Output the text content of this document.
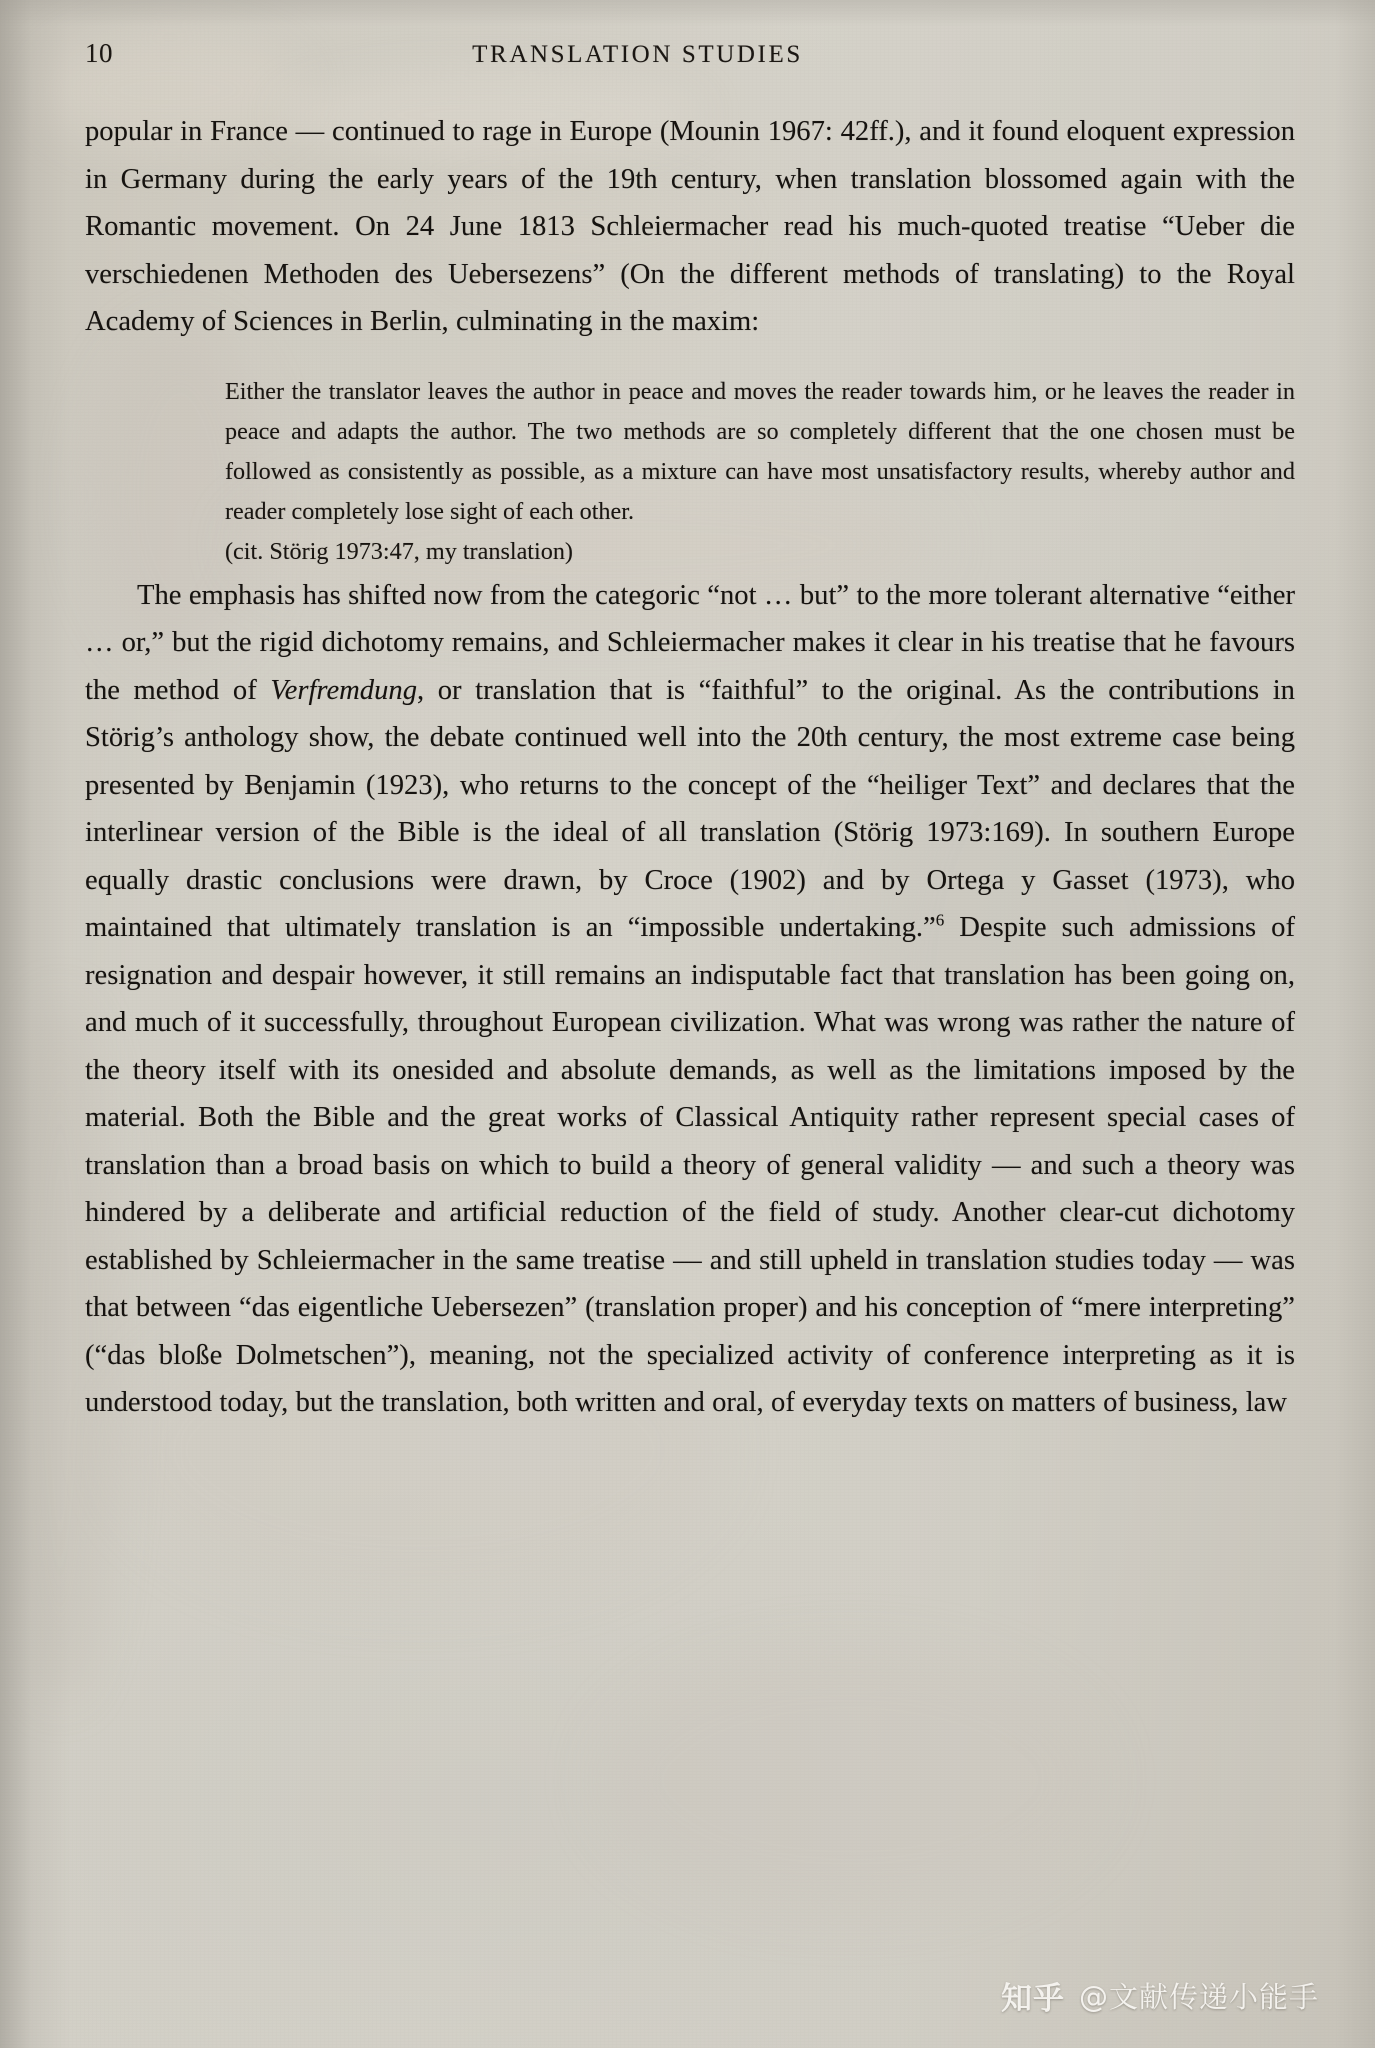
10	TRANSLATION STUDIES

popular in France — continued to rage in Europe (Mounin 1967: 42ff.), and it found eloquent expression in Germany during the early years of the 19th century, when translation blossomed again with the Romantic movement. On 24 June 1813 Schleiermacher read his much-quoted treatise “Ueber die verschiedenen Methoden des Uebersezens” (On the different methods of translating) to the Royal Academy of Sciences in Berlin, culminating in the maxim:

Either the translator leaves the author in peace and moves the reader towards him, or he leaves the reader in peace and adapts the author. The two methods are so completely different that the one chosen must be followed as consistently as possible, as a mixture can have most unsatisfactory results, whereby author and reader completely lose sight of each other.

(cit. Störig 1973:47, my translation)

The emphasis has shifted now from the categoric “not … but” to the more tolerant alternative “either … or,” but the rigid dichotomy remains, and Schleiermacher makes it clear in his treatise that he favours the method of Verfremdung, or translation that is “faithful” to the original. As the contributions in Störig’s anthology show, the debate continued well into the 20th century, the most extreme case being presented by Benjamin (1923), who returns to the concept of the “heiliger Text” and declares that the interlinear version of the Bible is the ideal of all translation (Störig 1973:169). In southern Europe equally drastic conclusions were drawn, by Croce (1902) and by Ortega y Gasset (1973), who maintained that ultimately translation is an “impossible undertaking.”$^6$ Despite such admissions of resignation and despair however, it still remains an indisputable fact that translation has been going on, and much of it successfully, throughout European civilization. What was wrong was rather the nature of the theory itself with its onesided and absolute demands, as well as the limitations imposed by the material. Both the Bible and the great works of Classical Antiquity rather represent special cases of translation than a broad basis on which to build a theory of general validity — and such a theory was hindered by a deliberate and artificial reduction of the field of study. Another clear-cut dichotomy established by Schleiermacher in the same treatise — and still upheld in translation studies today — was that between “das eigentliche Uebersezen” (translation proper) and his conception of “mere interpreting” (“das bloße Dolmetschen”), meaning, not the specialized activity of conference interpreting as it is understood today, but the translation, both written and oral, of everyday texts on matters of business, law

知乎 @文献传递小能手
